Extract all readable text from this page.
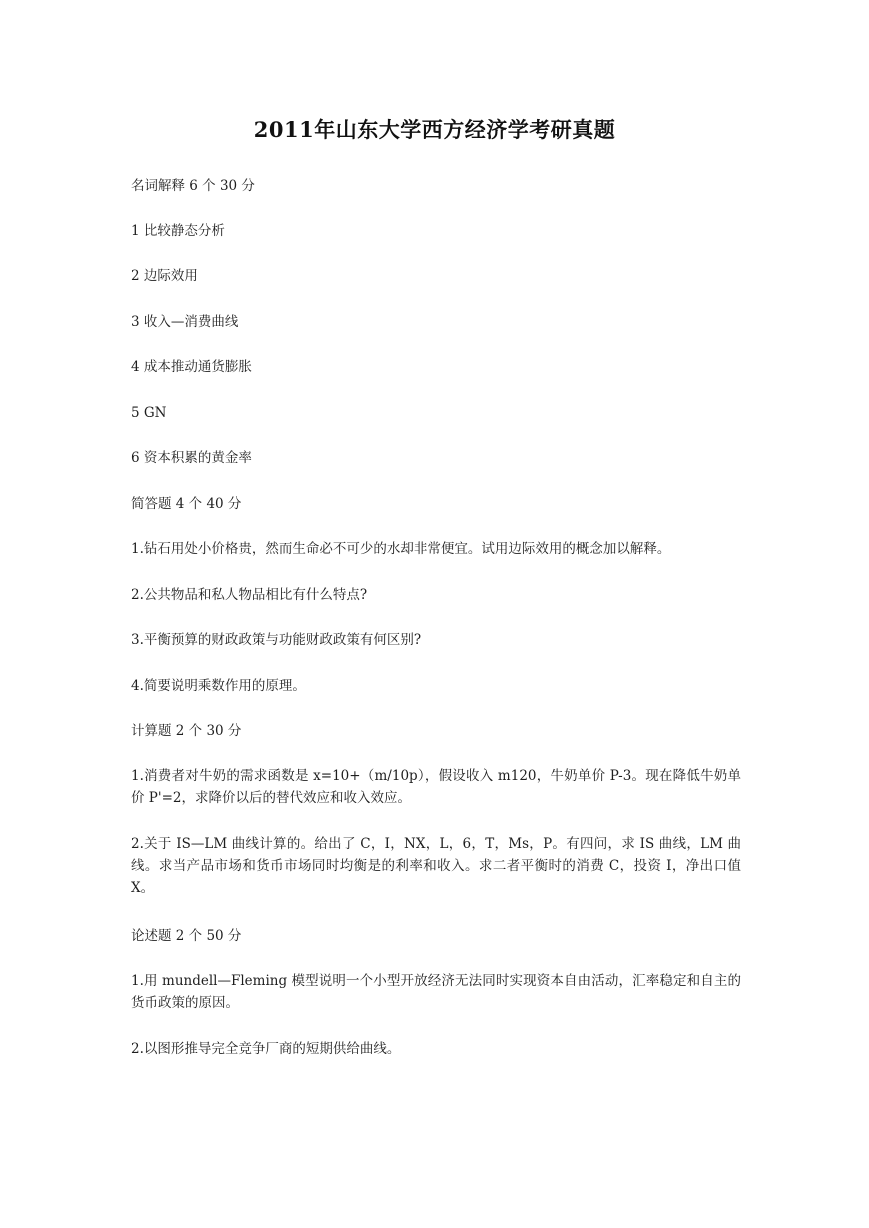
2011年山东大学西方经济学考研真题
名词解释 6 个 30 分
1 比较静态分析
2 边际效用
3 收入—消费曲线
4 成本推动通货膨胀
5 GN
6 资本积累的黄金率
简答题 4 个 40 分
1.钻石用处小价格贵，然而生命必不可少的水却非常便宜。试用边际效用的概念加以解释。
2.公共物品和私人物品相比有什么特点?
3.平衡预算的财政政策与功能财政政策有何区别?
4.简要说明乘数作用的原理。
计算题 2 个 30 分
1.消费者对牛奶的需求函数是 x=10+（m/10p），假设收入 m120，牛奶单价 P-3。现在降低牛奶单价 P'=2，求降价以后的替代效应和收入效应。
2.关于 IS—LM 曲线计算的。给出了 C，I，NX，L，6，T，Ms，P。有四问，求 IS 曲线，LM 曲线。求当产品市场和货币市场同时均衡是的利率和收入。求二者平衡时的消费 C，投资 I，净出口值 X。
论述题 2 个 50 分
1.用 mundell—Fleming 模型说明一个小型开放经济无法同时实现资本自由活动，汇率稳定和自主的货币政策的原因。
2.以图形推导完全竞争厂商的短期供给曲线。
